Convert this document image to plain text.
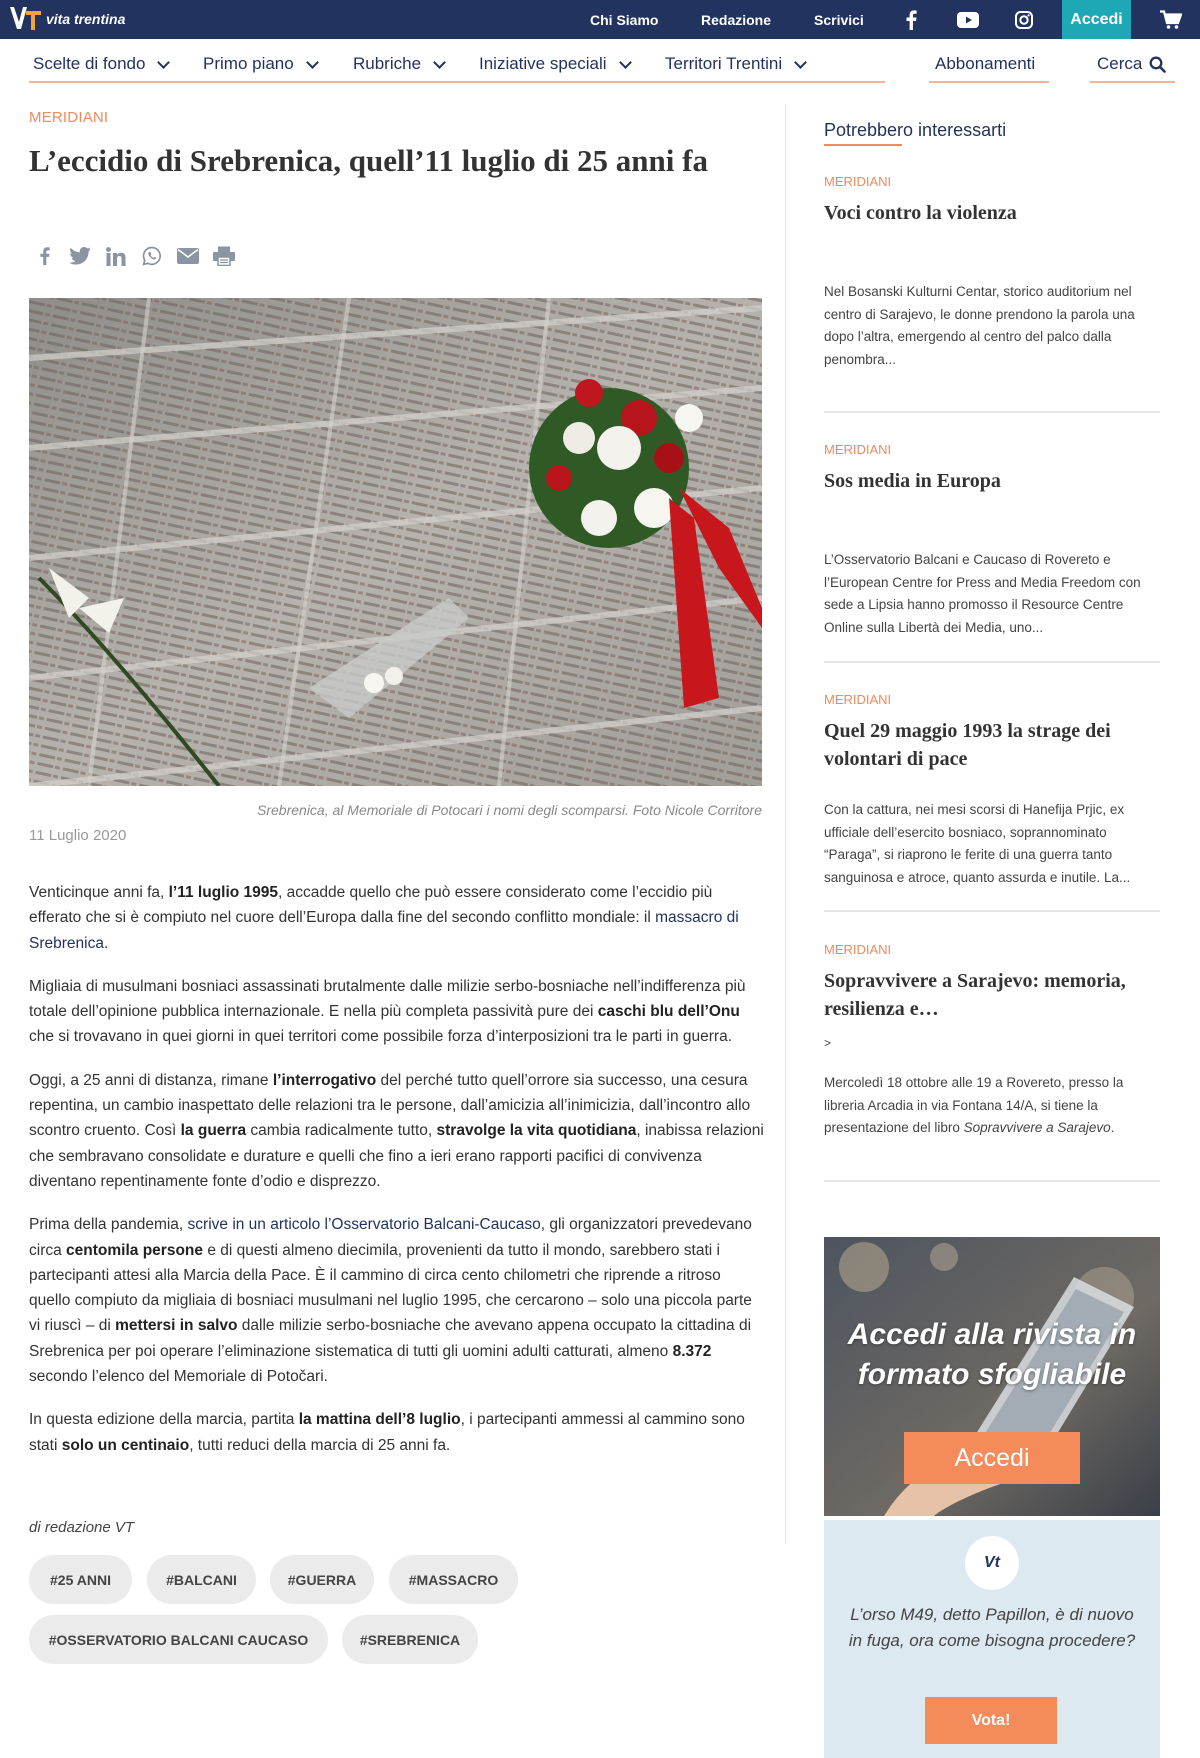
vita trentina	Chi Siamo	Redazione	Scrivici	Accedi
Scelte di fondo	Primo piano	Rubriche	Iniziative speciali	Territori Trentini	Abbonamenti	Cerca
MERIDIANI
L’eccidio di Srebrenica, quell’11 luglio di 25 anni fa
Srebrenica, al Memoriale di Potocari i nomi degli scomparsi. Foto Nicole Corritore
11 Luglio 2020

Venticinque anni fa, l’11 luglio 1995, accadde quello che può essere considerato come l’eccidio più efferato che si è compiuto nel cuore dell’Europa dalla fine del secondo conflitto mondiale: il massacro di Srebrenica.

Migliaia di musulmani bosniaci assassinati brutalmente dalle milizie serbo-bosniache nell’indifferenza più totale dell’opinione pubblica internazionale. E nella più completa passività pure dei caschi blu dell’Onu che si trovavano in quei giorni in quei territori come possibile forza d’interposizioni tra le parti in guerra.

Oggi, a 25 anni di distanza, rimane l’interrogativo del perché tutto quell’orrore sia successo, una cesura repentina, un cambio inaspettato delle relazioni tra le persone, dall’amicizia all’inimicizia, dall’incontro allo scontro cruento. Così la guerra cambia radicalmente tutto, stravolge la vita quotidiana, inabissa relazioni che sembravano consolidate e durature e quelli che fino a ieri erano rapporti pacifici di convivenza diventano repentinamente fonte d’odio e disprezzo.

Prima della pandemia, scrive in un articolo l’Osservatorio Balcani-Caucaso, gli organizzatori prevedevano circa centomila persone e di questi almeno diecimila, provenienti da tutto il mondo, sarebbero stati i partecipanti attesi alla Marcia della Pace. È il cammino di circa cento chilometri che riprende a ritroso quello compiuto da migliaia di bosniaci musulmani nel luglio 1995, che cercarono – solo una piccola parte vi riuscì – di mettersi in salvo dalle milizie serbo-bosniache che avevano appena occupato la cittadina di Srebrenica per poi operare l’eliminazione sistematica di tutti gli uomini adulti catturati, almeno 8.372 secondo l’elenco del Memoriale di Potočari.

In questa edizione della marcia, partita la mattina dell’8 luglio, i partecipanti ammessi al cammino sono stati solo un centinaio, tutti reduci della marcia di 25 anni fa.

di redazione VT
#25 ANNI	#BALCANI	#GUERRA	#MASSACRO
#OSSERVATORIO BALCANI CAUCASO	#SREBRENICA
Potrebbero interessarti
MERIDIANI
Voci contro la violenza
Nel Bosanski Kulturni Centar, storico auditorium nel centro di Sarajevo, le donne prendono la parola una dopo l’altra, emergendo al centro del palco dalla penombra...
MERIDIANI
Sos media in Europa
L’Osservatorio Balcani e Caucaso di Rovereto e l’European Centre for Press and Media Freedom con sede a Lipsia hanno promosso il Resource Centre Online sulla Libertà dei Media, uno...
MERIDIANI
Quel 29 maggio 1993 la strage dei volontari di pace
Con la cattura, nei mesi scorsi di Hanefija Prjic, ex ufficiale dell’esercito bosniaco, soprannominato “Paraga”, si riaprono le ferite di una guerra tanto sanguinosa e atroce, quanto assurda e inutile. La...
MERIDIANI
Sopravvivere a Sarajevo: memoria, resilienza e…
>
Mercoledì 18 ottobre alle 19 a Rovereto, presso la libreria Arcadia in via Fontana 14/A, si tiene la presentazione del libro Sopravvivere a Sarajevo.
Accedi alla rivista in formato sfogliabile
Accedi
Vt
L’orso M49, detto Papillon, è di nuovo in fuga, ora come bisogna procedere?
Vota!
